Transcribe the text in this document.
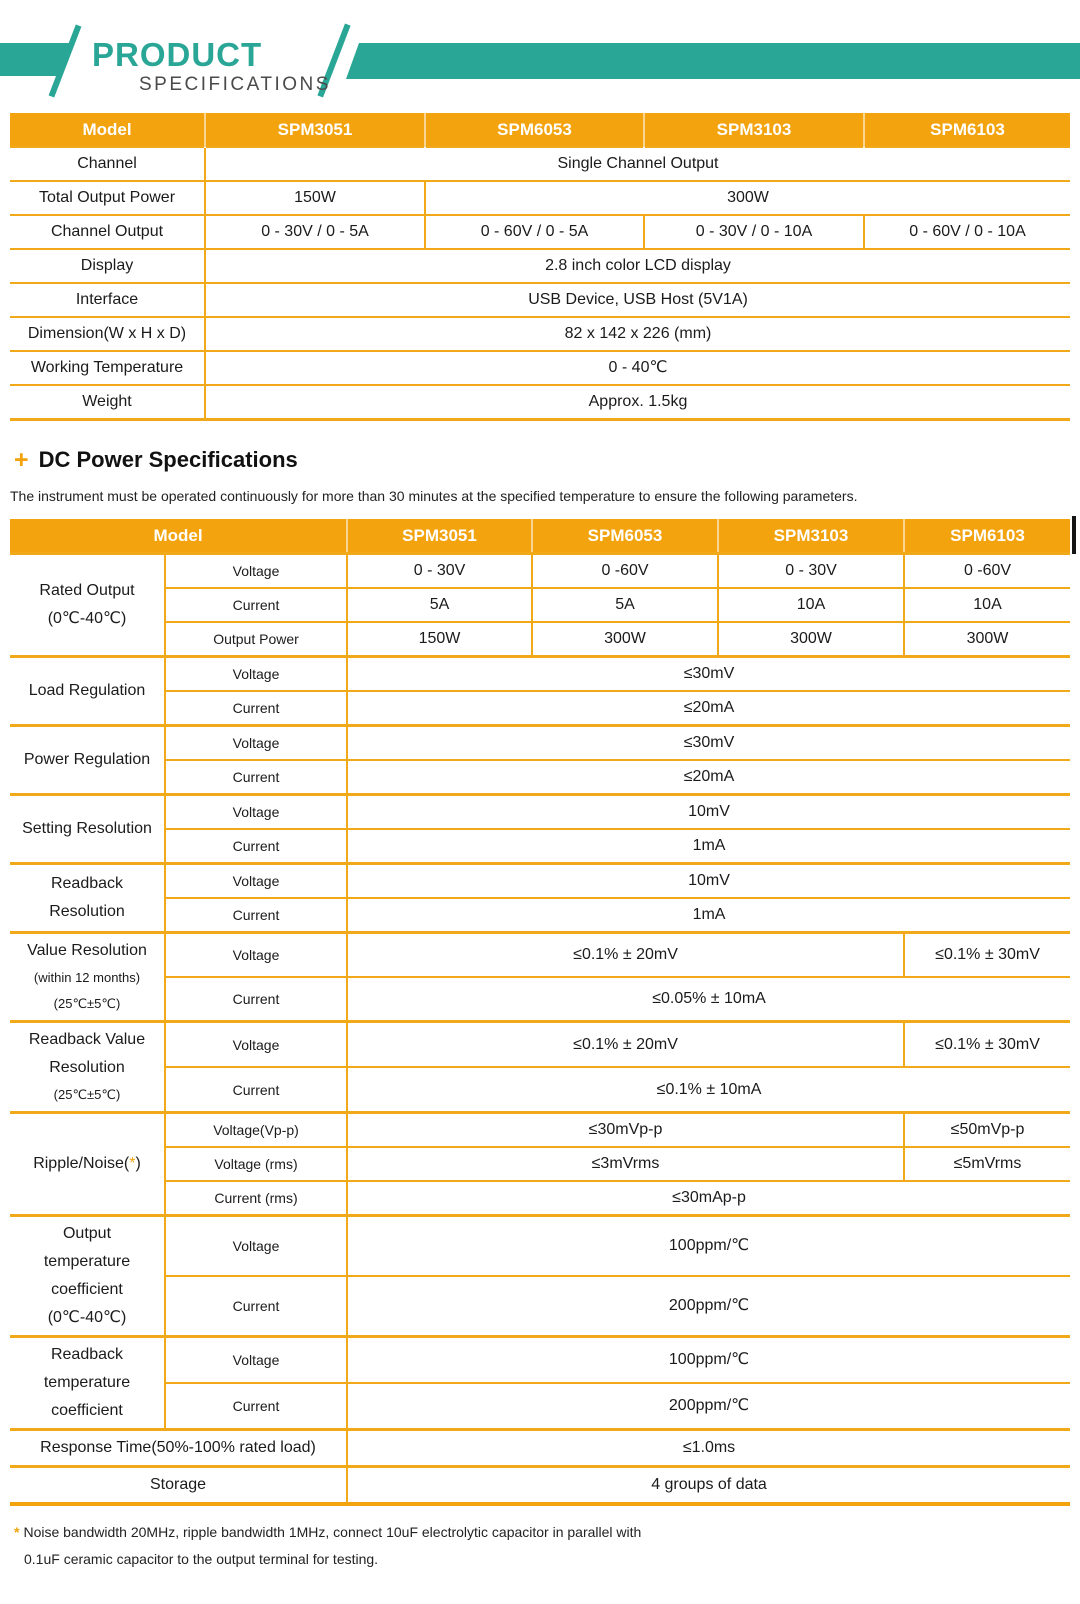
PRODUCT
SPECIFICATIONS
Model	SPM3051	SPM6053	SPM3103	SPM6103
Channel	Single Channel Output			
Total Output Power	150W	300W		
Channel Output	0 - 30V / 0 - 5A	0 - 60V / 0 - 5A	0 - 30V / 0 - 10A	0 - 60V / 0 - 10A
Display	2.8 inch color LCD display			
Interface	USB Device, USB Host (5V1A)			
Dimension(W x H x D)	82 x 142 x 226 (mm)			
Working Temperature	0 - 40℃			
Weight	Approx. 1.5kg			
+ DC Power Specifications

The instrument must be operated continuously for more than 30 minutes at the specified temperature to ensure the following parameters.

Model		SPM3051	SPM6053	SPM3103	SPM6103

Rated Output
(0℃-40℃)	Voltage	0 - 30V	0 -60V	0 - 30V	0 -60V
	Current	5A	5A	10A	10A
	Output Power	150W	300W	300W	300W

Load Regulation	Voltage	≤30mV			
	Current	≤20mA			

Power Regulation	Voltage	≤30mV			
	Current	≤20mA			

Setting Resolution	Voltage	10mV			
	Current	1mA			

Readback
Resolution	Voltage	10mV			
	Current	1mA			

Value Resolution
(within 12 months)
(25℃±5℃)	Voltage	≤0.1% ± 20mV			≤0.1% ± 30mV
	Current	≤0.05% ± 10mA			

Readback Value
Resolution
(25℃±5℃)	Voltage	≤0.1% ± 20mV			≤0.1% ± 30mV
	Current	≤0.1% ± 10mA			

Ripple/Noise(*)	Voltage(Vp-p)	≤30mVp-p			≤50mVp-p
	Voltage (rms)	≤3mVrms			≤5mVrms
	Current (rms)	≤30mAp-p			

Output
temperature
coefficient
(0℃-40℃)	Voltage	100ppm/℃			
	Current	200ppm/℃			

Readback
temperature
coefficient	Voltage	100ppm/℃			
	Current	200ppm/℃			

Response Time(50%-100% rated load)		≤1.0ms			

Storage		4 groups of data			

* Noise bandwidth 20MHz, ripple bandwidth 1MHz, connect 10uF electrolytic capacitor in parallel with
0.1uF ceramic capacitor to the output terminal for testing.
